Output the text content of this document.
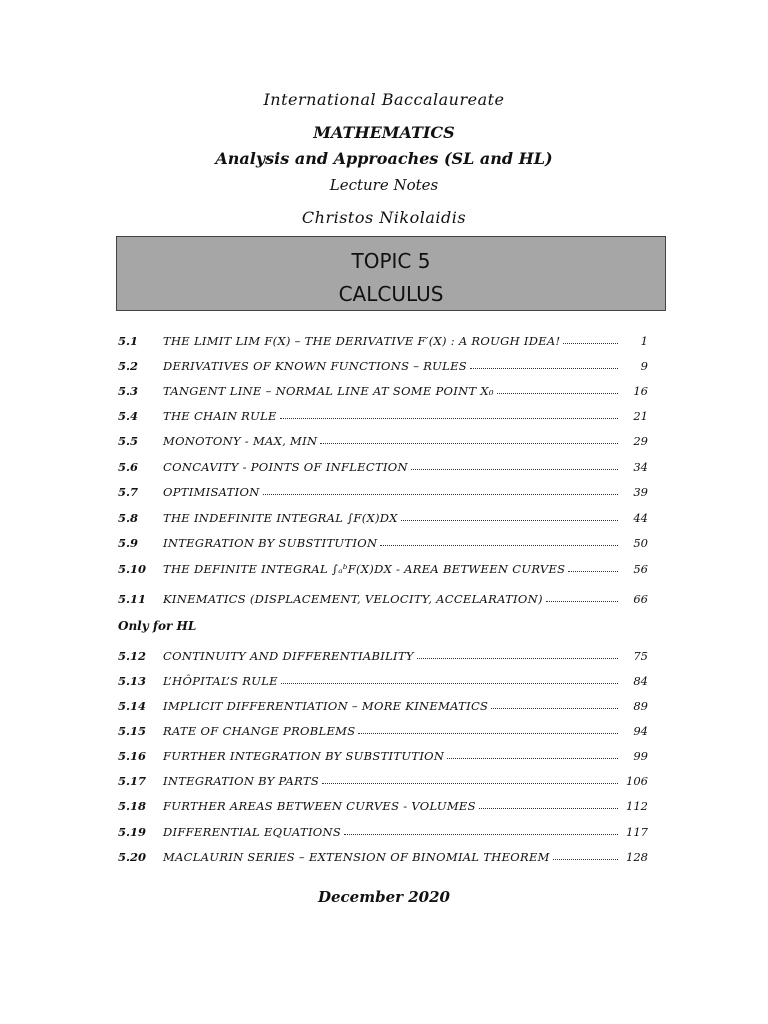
International Baccalaureate
MATHEMATICS
Analysis and Approaches (SL and HL)
Lecture Notes
Christos Nikolaidis
TOPIC 5
CALCULUS
5.1	THE LIMIT LIM F(X) – THE DERIVATIVE F′(X) : A ROUGH IDEA!	1
5.2	DERIVATIVES OF KNOWN FUNCTIONS – RULES	9
5.3	TANGENT LINE – NORMAL LINE AT SOME POINT X₀	16
5.4	THE CHAIN RULE	21
5.5	MONOTONY - MAX, MIN	29
5.6	CONCAVITY - POINTS OF INFLECTION	34
5.7	OPTIMISATION	39
5.8	THE INDEFINITE INTEGRAL ∫F(X)DX	44
5.9	INTEGRATION BY SUBSTITUTION	50
5.10	THE DEFINITE INTEGRAL ∫ₐᵇF(X)DX - AREA BETWEEN CURVES	56
5.11	KINEMATICS (DISPLACEMENT, VELOCITY, ACCELARATION)	66
Only for HL
5.12	CONTINUITY AND DIFFERENTIABILITY	75
5.13	L’HÔPITAL’S RULE	84
5.14	IMPLICIT DIFFERENTIATION – MORE KINEMATICS	89
5.15	RATE OF CHANGE PROBLEMS	94
5.16	FURTHER INTEGRATION BY SUBSTITUTION	99
5.17	INTEGRATION BY PARTS	106
5.18	FURTHER AREAS BETWEEN CURVES - VOLUMES	112
5.19	DIFFERENTIAL EQUATIONS	117
5.20	MACLAURIN SERIES – EXTENSION OF BINOMIAL THEOREM	128
December 2020
